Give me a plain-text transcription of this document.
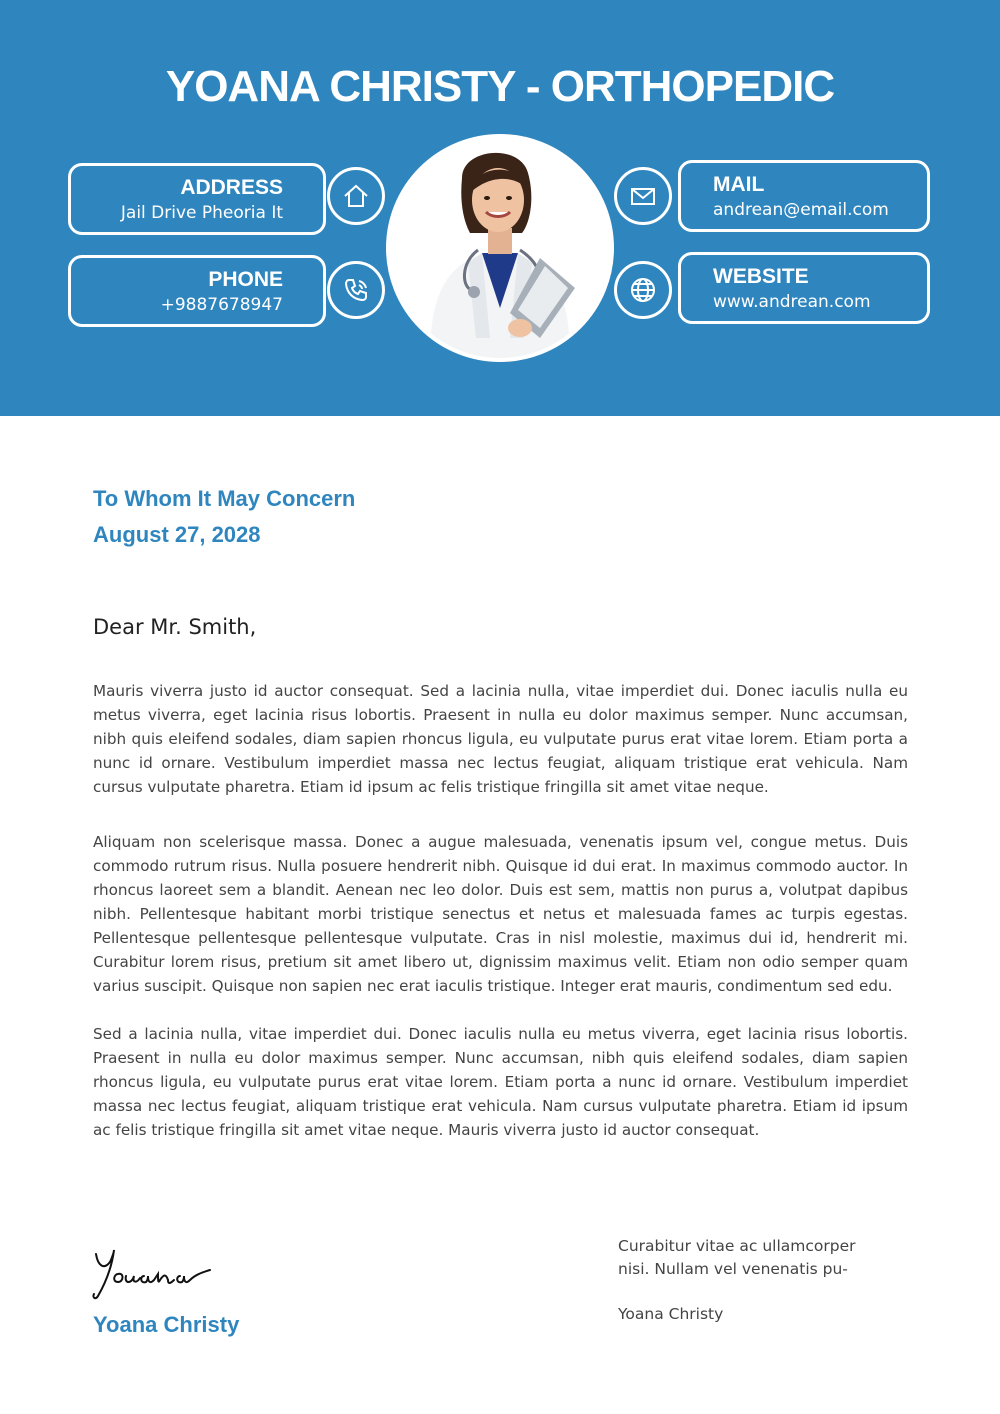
YOANA CHRISTY - ORTHOPEDIC
ADDRESS
Jail Drive Pheoria It
PHONE
+9887678947
MAIL
andrean@email.com
WEBSITE
www.andrean.com
To Whom It May Concern
August 27, 2028
Dear Mr. Smith,

Mauris viverra justo id auctor consequat. Sed a lacinia nulla, vitae imperdiet dui. Donec iaculis nulla eu metus viverra, eget lacinia risus lobortis. Praesent in nulla eu dolor maximus semper. Nunc accumsan, nibh quis eleifend sodales, diam sapien rhoncus ligula, eu vulputate purus erat vitae lorem. Etiam porta a nunc id ornare. Vestibulum imperdiet massa nec lectus feugiat, aliquam tristique erat vehicula. Nam cursus vulputate pharetra. Etiam id ipsum ac felis tristique fringilla sit amet vitae neque.

Aliquam non scelerisque massa. Donec a augue malesuada, venenatis ipsum vel, congue metus. Duis commodo rutrum risus. Nulla posuere hendrerit nibh. Quisque id dui erat. In maximus commodo auctor. In rhoncus laoreet sem a blandit. Aenean nec leo dolor. Duis est sem, mattis non purus a, volutpat dapibus nibh. Pellentesque habitant morbi tristique senectus et netus et malesuada fames ac turpis egestas. Pellentesque pellentesque pellentesque vulputate. Cras in nisl molestie, maximus dui id, hendrerit mi. Curabitur lorem risus, pretium sit amet libero ut, dignissim maximus velit. Etiam non odio semper quam varius suscipit. Quisque non sapien nec erat iaculis tristique. Integer erat mauris, condimentum sed edu.

Sed a lacinia nulla, vitae imperdiet dui. Donec iaculis nulla eu metus viverra, eget lacinia risus lobortis. Praesent in nulla eu dolor maximus semper. Nunc accumsan, nibh quis eleifend sodales, diam sapien rhoncus ligula, eu vulputate purus erat vitae lorem. Etiam porta a nunc id ornare. Vestibulum imperdiet massa nec lectus feugiat, aliquam tristique erat vehicula. Nam cursus vulputate pharetra. Etiam id ipsum ac felis tristique fringilla sit amet vitae neque. Mauris viverra justo id auctor consequat.

Yoana Christy
Curabitur vitae ac ullamcorper nisi. Nullam vel venenatis pu-
Yoana Christy
